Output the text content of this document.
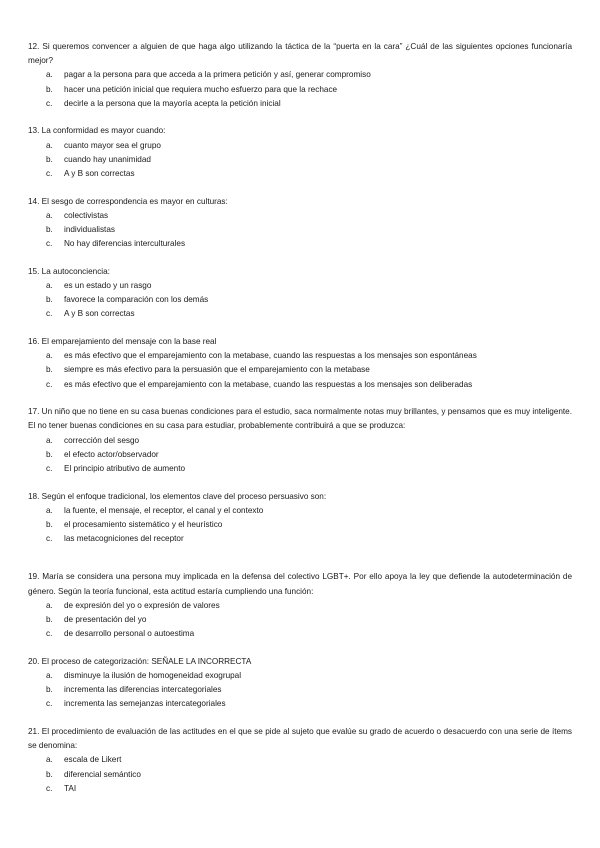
12. Si queremos convencer a alguien de que haga algo utilizando la táctica de la “puerta en la cara” ¿Cuál de las siguientes opciones funcionaría mejor?
a.	pagar a la persona para que acceda a la primera petición y así, generar compromiso
b.	hacer una petición inicial que requiera mucho esfuerzo para que la rechace
c.	decirle a la persona que la mayoría acepta la petición inicial
13. La conformidad es mayor cuando:
a.	cuanto mayor sea el grupo
b.	cuando hay unanimidad
c.	A y B son correctas
14. El sesgo de correspondencia es mayor en culturas:
a.	colectivistas
b.	individualistas
c.	No hay diferencias interculturales
15. La autoconciencia:
a.	es un estado y un rasgo
b.	favorece la comparación con los demás
c.	A y B son correctas
16. El emparejamiento del mensaje con la base real
a.	es más efectivo que el emparejamiento con la metabase, cuando las respuestas a los mensajes son espontáneas
b.	siempre es más efectivo para la persuasión que el emparejamiento con la metabase
c.	es más efectivo que el emparejamiento con la metabase, cuando las respuestas a los mensajes son deliberadas
17. Un niño que no tiene en su casa buenas condiciones para el estudio, saca normalmente notas muy brillantes, y pensamos que es muy inteligente. El no tener buenas condiciones en su casa para estudiar, probablemente contribuirá a que se produzca:
a.	corrección del sesgo
b.	el efecto actor/observador
c.	El principio atributivo de aumento
18. Según el enfoque tradicional, los elementos clave del proceso persuasivo son:
a.	la fuente, el mensaje, el receptor, el canal y el contexto
b.	el procesamiento sistemático y el heurístico
c.	las metacogniciones del receptor
19. María se considera una persona muy implicada en la defensa del colectivo LGBT+. Por ello apoya la ley que defiende la autodeterminación de género. Según la teoría funcional, esta actitud estaría cumpliendo una función:
a.	de expresión del yo o expresión de valores
b.	de presentación del yo
c.	de desarrollo personal o autoestima
20. El proceso de categorización: SEÑALE LA INCORRECTA
a.	disminuye la ilusión de homogeneidad exogrupal
b.	incrementa las diferencias intercategoriales
c.	incrementa las semejanzas intercategoriales
21. El procedimiento de evaluación de las actitudes en el que se pide al sujeto que evalúe su grado de acuerdo o desacuerdo con una serie de ítems se denomina:
a.	escala de Likert
b.	diferencial semántico
c.	TAI
